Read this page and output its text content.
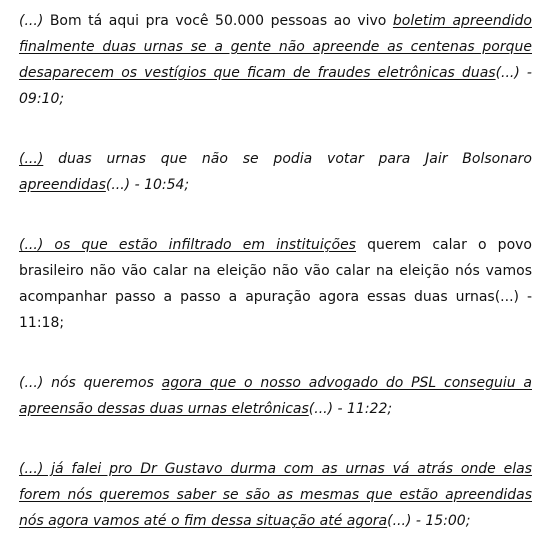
(...) Bom tá aqui pra você 50.000 pessoas ao vivo boletim apreendido finalmente duas urnas se a gente não apreende as centenas porque desaparecem os vestígios que ficam de fraudes eletrônicas duas(...) - 09:10;

(...) duas urnas que não se podia votar para Jair Bolsonaro apreendidas(...) - 10:54;

(...) os que estão infiltrado em instituições querem calar o povo brasileiro não vão calar na eleição não vão calar na eleição nós vamos acompanhar passo a passo a apuração agora essas duas urnas(...) - 11:18;

(...) nós queremos agora que o nosso advogado do PSL conseguiu a apreensão dessas duas urnas eletrônicas(...) - 11:22;

(...) já falei pro Dr Gustavo durma com as urnas vá atrás onde elas forem nós queremos saber se são as mesmas que estão apreendidas nós agora vamos até o fim dessa situação até agora(...) - 15:00;
